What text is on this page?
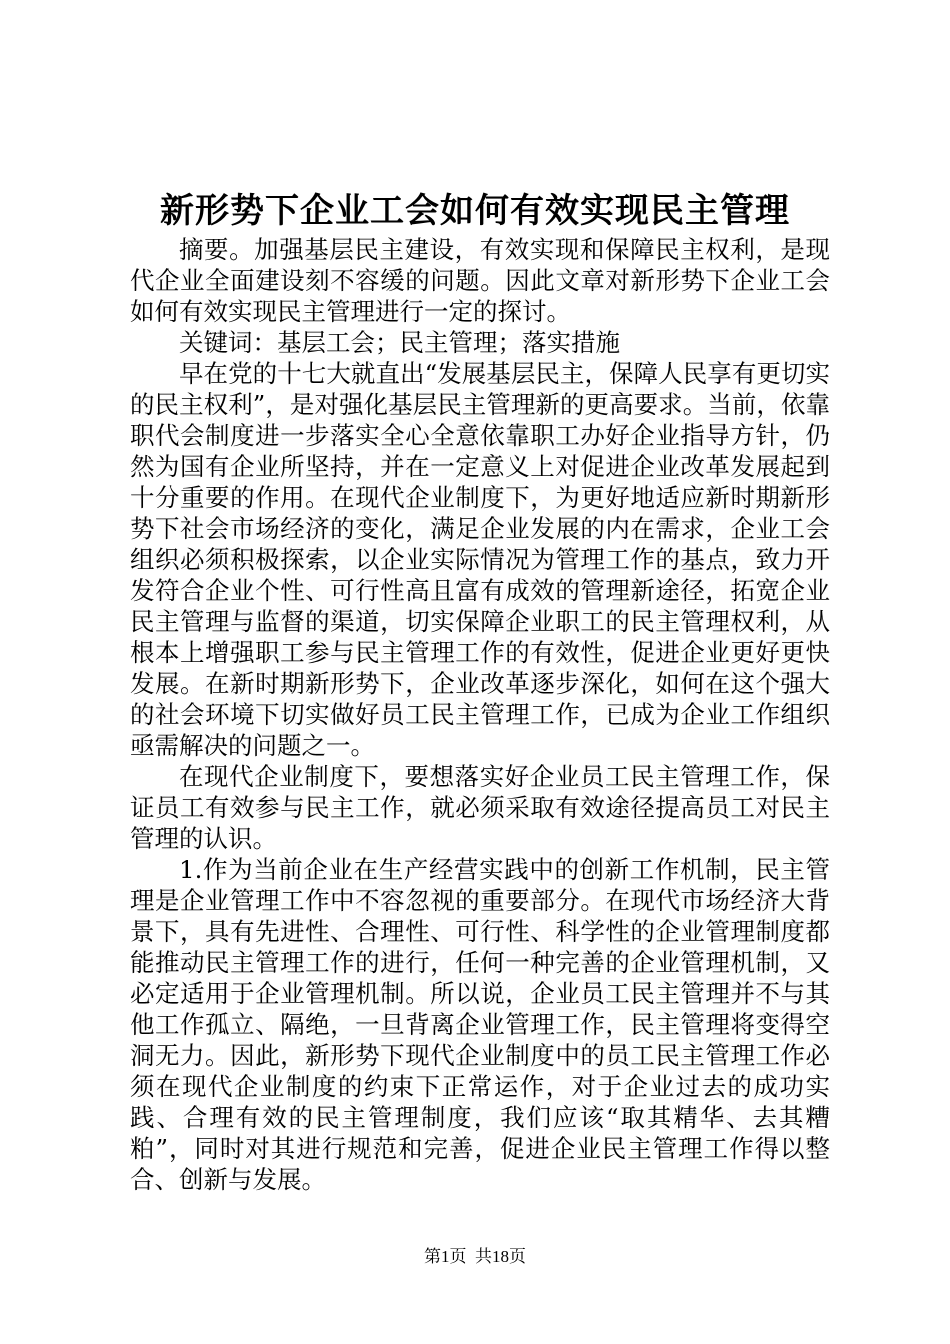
新形势下企业工会如何有效实现民主管理

摘要。加强基层民主建设，有效实现和保障民主权利，是现代企业全面建设刻不容缓的问题。因此文章对新形势下企业工会如何有效实现民主管理进行一定的探讨。

关键词：基层工会；民主管理；落实措施

早在党的十七大就直出“发展基层民主，保障人民享有更切实的民主权利”，是对强化基层民主管理新的更高要求。当前，依靠职代会制度进一步落实全心全意依靠职工办好企业指导方针，仍然为国有企业所坚持，并在一定意义上对促进企业改革发展起到十分重要的作用。在现代企业制度下，为更好地适应新时期新形势下社会市场经济的变化，满足企业发展的内在需求，企业工会组织必须积极探索，以企业实际情况为管理工作的基点，致力开发符合企业个性、可行性高且富有成效的管理新途径，拓宽企业民主管理与监督的渠道，切实保障企业职工的民主管理权利，从根本上增强职工参与民主管理工作的有效性，促进企业更好更快发展。在新时期新形势下，企业改革逐步深化，如何在这个强大的社会环境下切实做好员工民主管理工作，已成为企业工作组织亟需解决的问题之一。

在现代企业制度下，要想落实好企业员工民主管理工作，保证员工有效参与民主工作，就必须采取有效途径提高员工对民主管理的认识。

1.作为当前企业在生产经营实践中的创新工作机制，民主管理是企业管理工作中不容忽视的重要部分。在现代市场经济大背景下，具有先进性、合理性、可行性、科学性的企业管理制度都能推动民主管理工作的进行，任何一种完善的企业管理机制，又必定适用于企业管理机制。所以说，企业员工民主管理并不与其他工作孤立、隔绝，一旦背离企业管理工作，民主管理将变得空洞无力。因此，新形势下现代企业制度中的员工民主管理工作必须在现代企业制度的约束下正常运作，对于企业过去的成功实践、合理有效的民主管理制度，我们应该“取其精华、去其糟粕”，同时对其进行规范和完善，促进企业民主管理工作得以整合、创新与发展。

第1页  共18页
